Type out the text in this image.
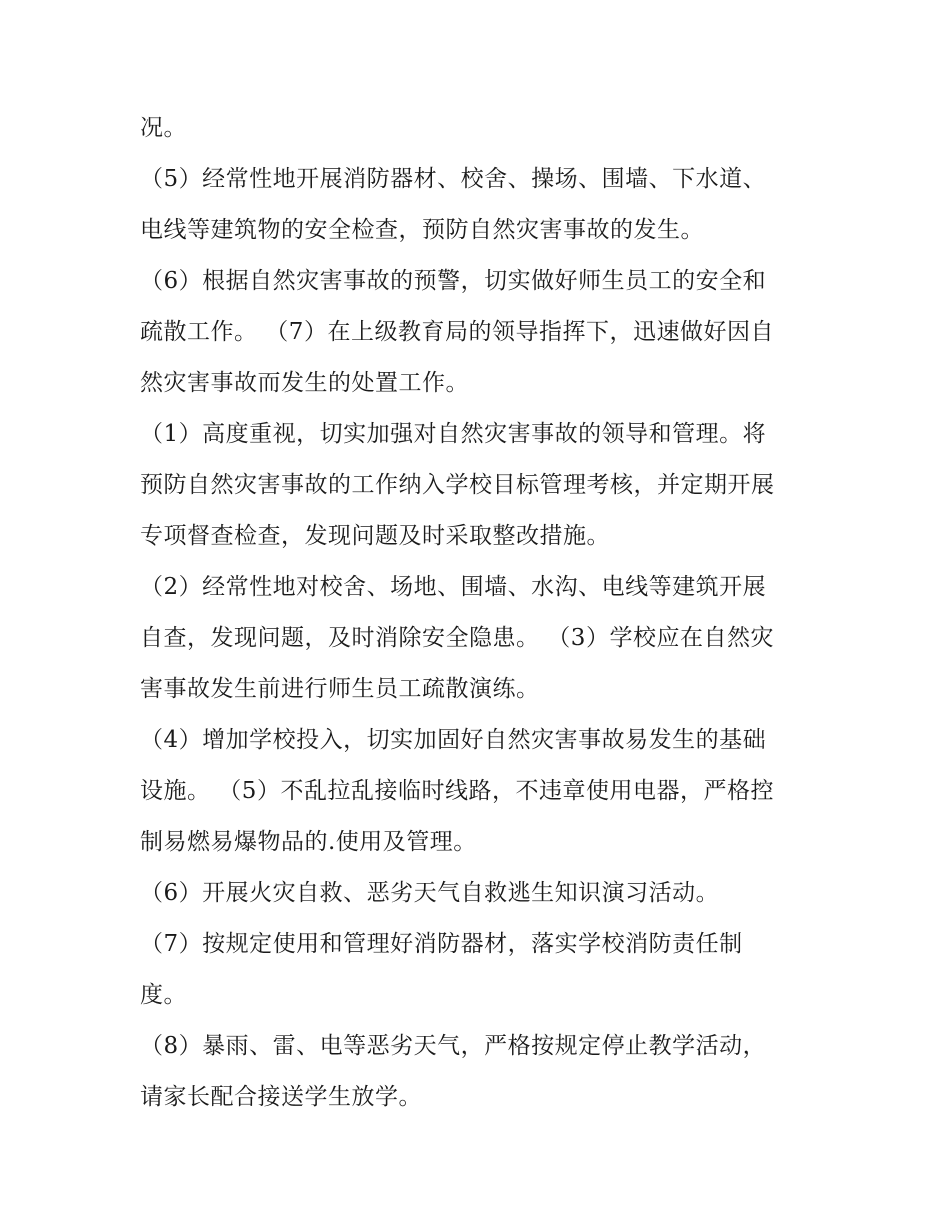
况。
（5）经常性地开展消防器材、校舍、操场、围墙、下水道、
电线等建筑物的安全检查，预防自然灾害事故的发生。
（6）根据自然灾害事故的预警，切实做好师生员工的安全和
疏散工作。 （7）在上级教育局的领导指挥下，迅速做好因自
然灾害事故而发生的处置工作。
（1）高度重视，切实加强对自然灾害事故的领导和管理。将
预防自然灾害事故的工作纳入学校目标管理考核，并定期开展
专项督查检查，发现问题及时采取整改措施。
（2）经常性地对校舍、场地、围墙、水沟、电线等建筑开展
自查，发现问题，及时消除安全隐患。 （3）学校应在自然灾
害事故发生前进行师生员工疏散演练。
（4）增加学校投入，切实加固好自然灾害事故易发生的基础
设施。 （5）不乱拉乱接临时线路，不违章使用电器，严格控
制易燃易爆物品的.使用及管理。
（6）开展火灾自救、恶劣天气自救逃生知识演习活动。
（7）按规定使用和管理好消防器材，落实学校消防责任制
度。
（8）暴雨、雷、电等恶劣天气，严格按规定停止教学活动，
请家长配合接送学生放学。
